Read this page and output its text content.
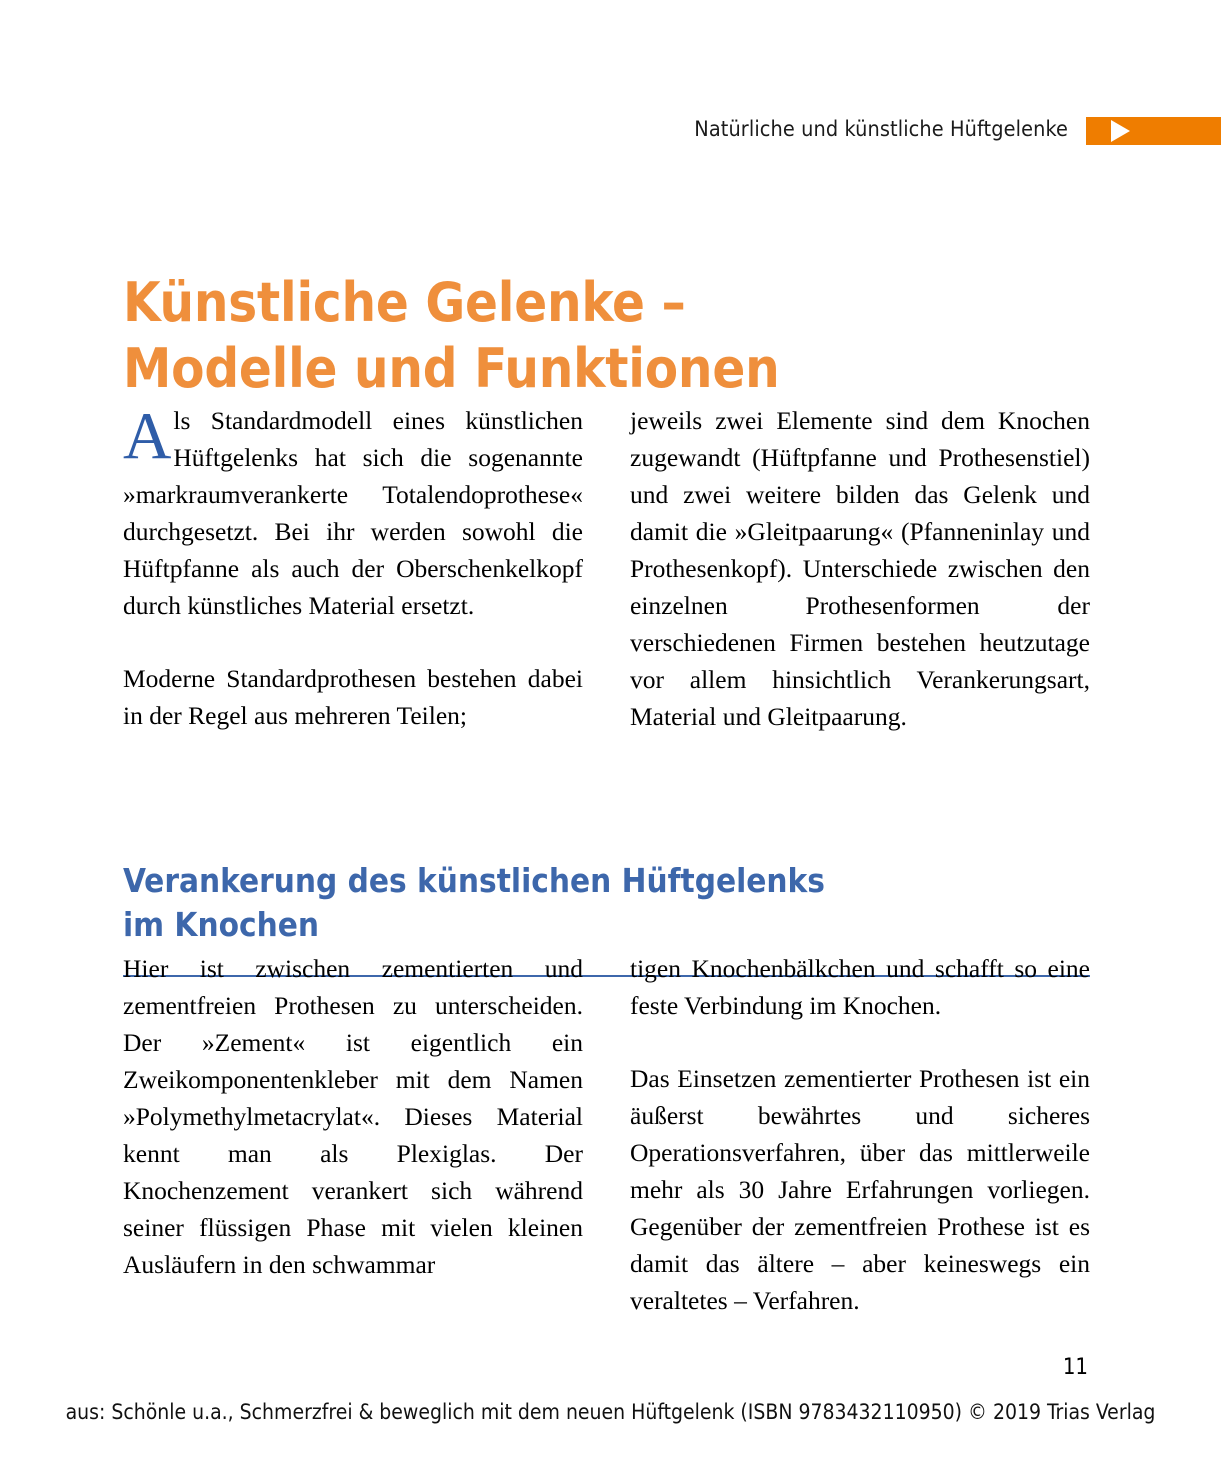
Natürliche und künstliche Hüftgelenke
Künstliche Gelenke –
Modelle und Funktionen

Als Standardmodell eines künstlichen Hüftgelenks hat sich die sogenannte »markraumverankerte Totalendoprothese« durchgesetzt. Bei ihr werden sowohl die Hüftpfanne als auch der Oberschenkelkopf durch künstliches Material ersetzt.

Moderne Standardprothesen bestehen dabei in der Regel aus mehreren Teilen;

jeweils zwei Elemente sind dem Knochen zugewandt (Hüftpfanne und Prothesenstiel) und zwei weitere bilden das Gelenk und damit die »Gleitpaarung« (Pfanneninlay und Prothesenkopf). Unterschiede zwischen den einzelnen Prothesenformen der verschiedenen Firmen bestehen heutzutage vor allem hinsichtlich Verankerungsart, Material und Gleitpaarung.

Verankerung des künstlichen Hüftgelenks
im Knochen

Hier ist zwischen zementierten und zementfreien Prothesen zu unterscheiden. Der »Zement« ist eigentlich ein Zweikomponentenkleber mit dem Namen »Polymethylmetacrylat«. Dieses Material kennt man als Plexiglas. Der Knochenzement verankert sich während seiner flüssigen Phase mit vielen kleinen Ausläufern in den schwammar

tigen Knochenbälkchen und schafft so eine feste Verbindung im Knochen.

Das Einsetzen zementierter Prothesen ist ein äußerst bewährtes und sicheres Operationsverfahren, über das mittlerweile mehr als 30 Jahre Erfahrungen vorliegen. Gegenüber der zementfreien Prothese ist es damit das ältere – aber keineswegs ein veraltetes – Verfahren.

11
aus: Schönle u.a., Schmerzfrei & beweglich mit dem neuen Hüftgelenk (ISBN 9783432110950) © 2019 Trias Verlag
